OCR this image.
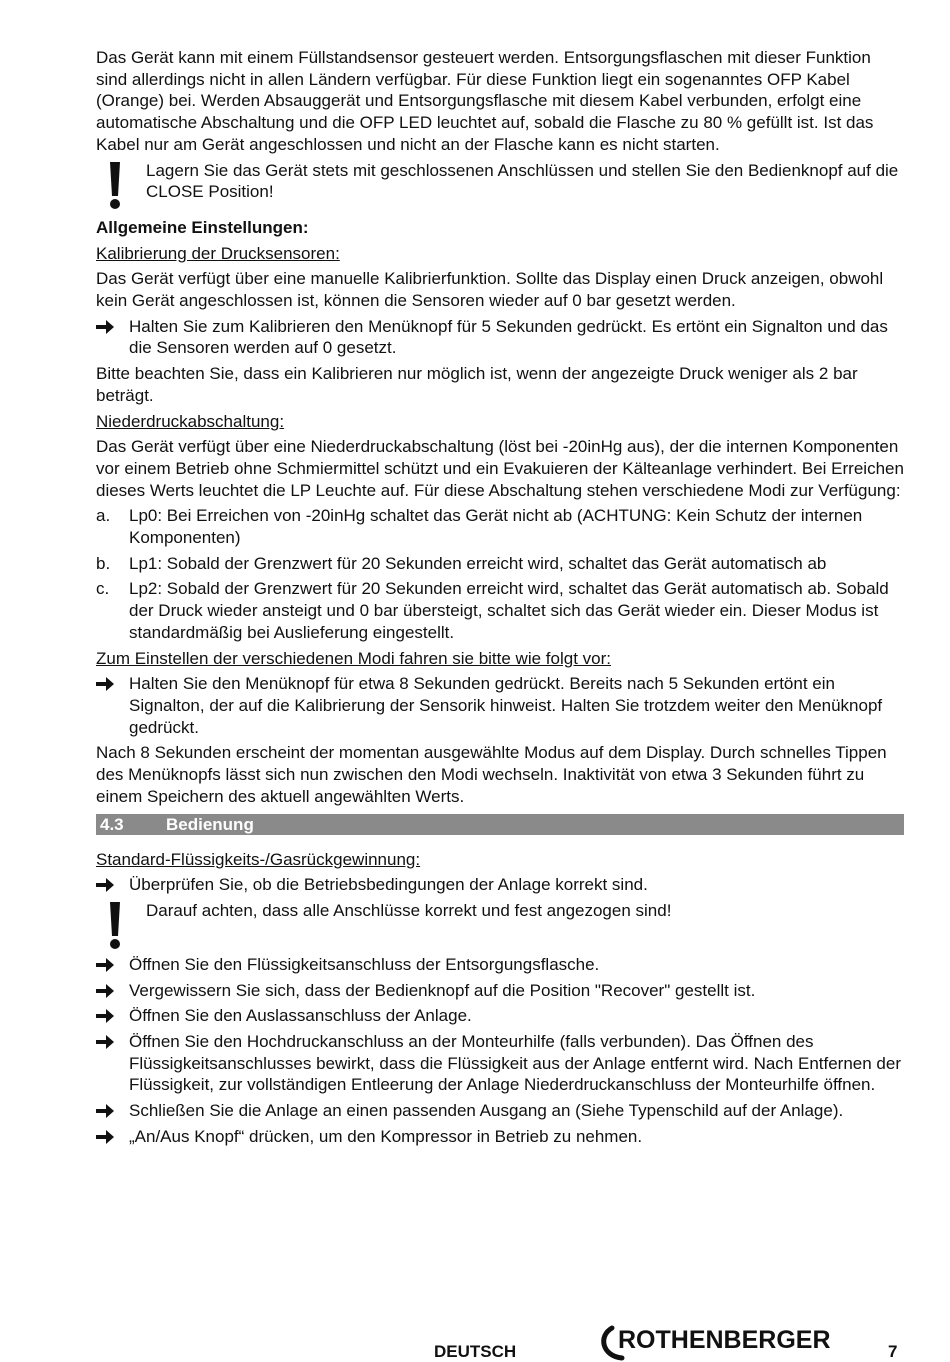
Das Gerät kann mit einem Füllstandsensor gesteuert werden. Entsorgungsflaschen mit dieser Funktion sind allerdings nicht in allen Ländern verfügbar. Für diese Funktion liegt ein sogenanntes OFP Kabel (Orange) bei. Werden Absauggerät und Entsorgungsflasche mit diesem Kabel verbunden, erfolgt eine automatische Abschaltung und die OFP LED leuchtet auf, sobald die Flasche zu 80 % gefüllt ist. Ist das Kabel nur am Gerät angeschlossen und nicht an der Flasche kann es nicht starten.

Lagern Sie das Gerät stets mit geschlossenen Anschlüssen und stellen Sie den Bedienknopf auf die CLOSE Position!

Allgemeine Einstellungen:

Kalibrierung der Drucksensoren:

Das Gerät verfügt über eine manuelle Kalibrierfunktion. Sollte das Display einen Druck anzeigen, obwohl kein Gerät angeschlossen ist, können die Sensoren wieder auf 0 bar gesetzt werden.

Halten Sie zum Kalibrieren den Menüknopf für 5 Sekunden gedrückt. Es ertönt ein Signalton und das die Sensoren werden auf 0 gesetzt.

Bitte beachten Sie, dass ein Kalibrieren nur möglich ist, wenn der angezeigte Druck weniger als 2 bar beträgt.

Niederdruckabschaltung:

Das Gerät verfügt über eine Niederdruckabschaltung (löst bei -20inHg aus), der die internen Komponenten vor einem Betrieb ohne Schmiermittel schützt und ein Evakuieren der Kälteanlage verhindert. Bei Erreichen dieses Werts leuchtet die LP Leuchte auf. Für diese Abschaltung stehen verschiedene Modi zur Verfügung:

a.	Lp0: Bei Erreichen von -20inHg schaltet das Gerät nicht ab (ACHTUNG: Kein Schutz der internen Komponenten)
b.	Lp1: Sobald der Grenzwert für 20 Sekunden erreicht wird, schaltet das Gerät automatisch ab
c.	Lp2: Sobald der Grenzwert für 20 Sekunden erreicht wird, schaltet das Gerät automatisch ab. Sobald der Druck wieder ansteigt und 0 bar übersteigt, schaltet sich das Gerät wieder ein. Dieser Modus ist standardmäßig bei Auslieferung eingestellt.

Zum Einstellen der verschiedenen Modi fahren sie bitte wie folgt vor:

Halten Sie den Menüknopf für etwa 8 Sekunden gedrückt. Bereits nach 5 Sekunden ertönt ein Signalton, der auf die Kalibrierung der Sensorik hinweist. Halten Sie trotzdem weiter den Menüknopf gedrückt.

Nach 8 Sekunden erscheint der momentan ausgewählte Modus auf dem Display. Durch schnelles Tippen des Menüknopfs lässt sich nun zwischen den Modi wechseln. Inaktivität von etwa 3 Sekunden führt zu einem Speichern des aktuell angewählten Werts.

4.3	Bedienung

Standard-Flüssigkeits-/Gasrückgewinnung:

Überprüfen Sie, ob die Betriebsbedingungen der Anlage korrekt sind.

Darauf achten, dass alle Anschlüsse korrekt und fest angezogen sind!

Öffnen Sie den Flüssigkeitsanschluss der Entsorgungsflasche.
Vergewissern Sie sich, dass der Bedienknopf auf die Position "Recover" gestellt ist.
Öffnen Sie den Auslassanschluss der Anlage.
Öffnen Sie den Hochdruckanschluss an der Monteurhilfe (falls verbunden). Das Öffnen des Flüssigkeitsanschlusses bewirkt, dass die Flüssigkeit aus der Anlage entfernt wird. Nach Entfernen der Flüssigkeit, zur vollständigen Entleerung der Anlage Niederdruckanschluss der Monteurhilfe öffnen.
Schließen Sie die Anlage an einen passenden Ausgang an (Siehe Typenschild auf der Anlage).
„An/Aus Knopf“ drücken, um den Kompressor in Betrieb zu nehmen.
DEUTSCH	ROTHENBERGER	7
